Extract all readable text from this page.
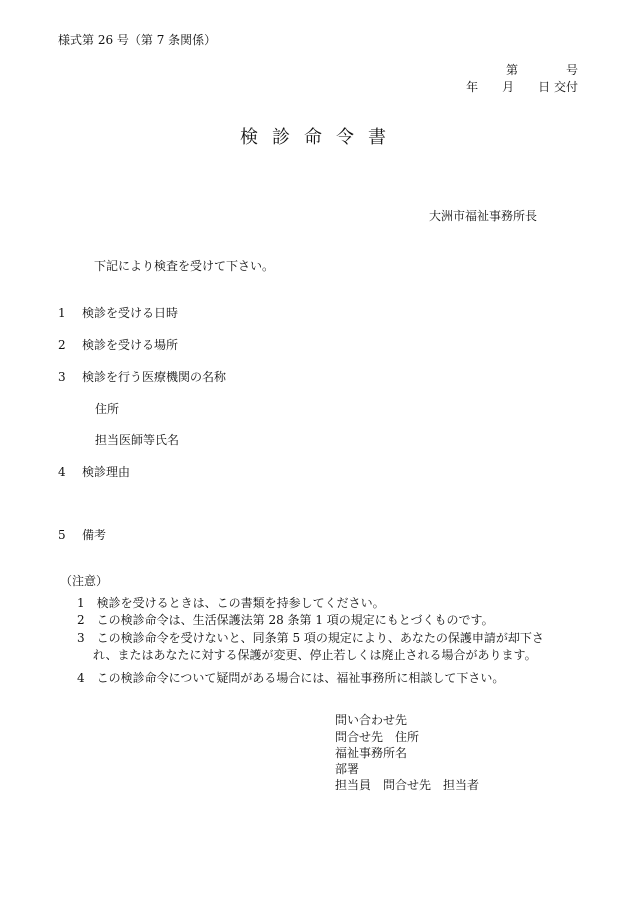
様式第 26 号（第 7 条関係）
第　　　　号
年　　月　　日 交付
検診命令書
大洲市福祉事務所長
下記により検査を受けて下さい。
1 検診を受ける日時
2 検診を受ける場所
3 検診を行う医療機関の名称
住所
担当医師等氏名
4 検診理由
5 備考
（注意）
1　検診を受けるときは、この書類を持参してください。
2　この検診命令は、生活保護法第 28 条第 1 項の規定にもとづくものです。
3　この検診命令を受けないと、同条第 5 項の規定により、あなたの保護申請が却下さ
　 れ、またはあなたに対する保護が変更、停止若しくは廃止される場合があります。
4　この検診命令について疑問がある場合には、福祉事務所に相談して下さい。
問い合わせ先
問合せ先　住所
福祉事務所名
部署
担当員　問合せ先　担当者
